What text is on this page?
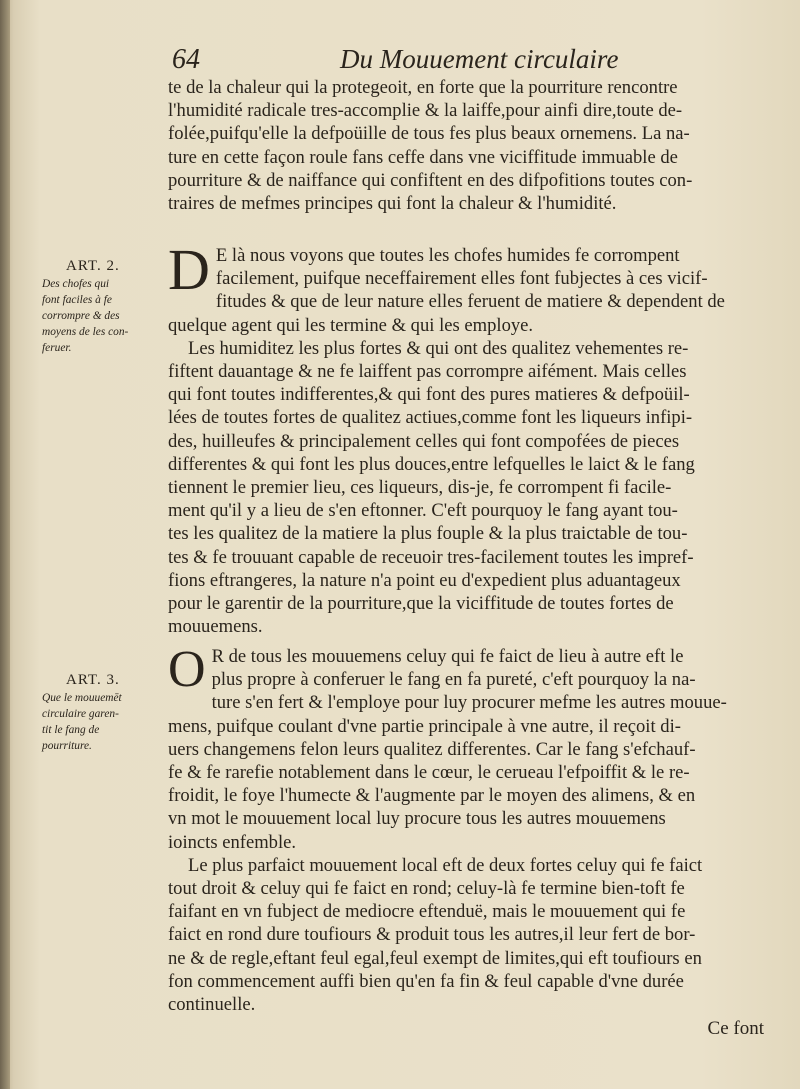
64	Du Mouuement circulaire
te de la chaleur qui la protegeoit, en forte que la pourriture rencontre
l'humidité radicale tres-accomplie & la laiffe,pour ainfi dire,toute de-
folée,puifqu'elle la defpoüille de tous fes plus beaux ornemens. La na-
ture en cette façon roule fans ceffe dans vne viciffitude immuable de
pourriture & de naiffance qui confiftent en des difpofitions toutes con-
traires de mefmes principes qui font la chaleur & l'humidité.
ART. 2.
Des chofes qui
font faciles à fe
corrompre & des
moyens de les con-
feruer.
D E là nous voyons que toutes les chofes humides fe corrompent
facilement, puifque neceffairement elles font fubjectes à ces vicif-
fitudes & que de leur nature elles feruent de matiere & dependent de
quelque agent qui les termine & qui les employe.
Les humiditez les plus fortes & qui ont des qualitez vehementes re-
fiftent dauantage & ne fe laiffent pas corrompre aifément. Mais celles
qui font toutes indifferentes,& qui font des pures matieres & defpoüil-
lées de toutes fortes de qualitez actiues,comme font les liqueurs infipi-
des, huilleufes & principalement celles qui font compofées de pieces
differentes & qui font les plus douces,entre lefquelles le laict & le fang
tiennent le premier lieu, ces liqueurs, dis-je, fe corrompent fi facile-
ment qu'il y a lieu de s'en eftonner. C'eft pourquoy le fang ayant tou-
tes les qualitez de la matiere la plus fouple & la plus traictable de tou-
tes & fe trouuant capable de receuoir tres-facilement toutes les impref-
fions eftrangeres, la nature n'a point eu d'expedient plus aduantageux
pour le garentir de la pourriture,que la viciffitude de toutes fortes de
mouuemens.
ART. 3.
Que le mouuemēt
circulaire garen-
tit le fang de
pourriture.
O R de tous les mouuemens celuy qui fe faict de lieu à autre eft le
plus propre à conferuer le fang en fa pureté, c'eft pourquoy la na-
ture s'en fert & l'employe pour luy procurer mefme les autres mouue-
mens, puifque coulant d'vne partie principale à vne autre, il reçoit di-
uers changemens felon leurs qualitez differentes. Car le fang s'efchauf-
fe & fe rarefie notablement dans le cœur, le cerueau l'efpoiffit & le re-
froidit, le foye l'humecte & l'augmente par le moyen des alimens, & en
vn mot le mouuement local luy procure tous les autres mouuemens
ioincts enfemble.
Le plus parfaict mouuement local eft de deux fortes celuy qui fe faict
tout droit & celuy qui fe faict en rond; celuy-là fe termine bien-toft fe
faifant en vn fubject de mediocre eftenduë, mais le mouuement qui fe
faict en rond dure toufiours & produit tous les autres,il leur fert de bor-
ne & de regle,eftant feul egal,feul exempt de limites,qui eft toufiours en
fon commencement auffi bien qu'en fa fin & feul capable d'vne durée
continuelle.
Ce font
